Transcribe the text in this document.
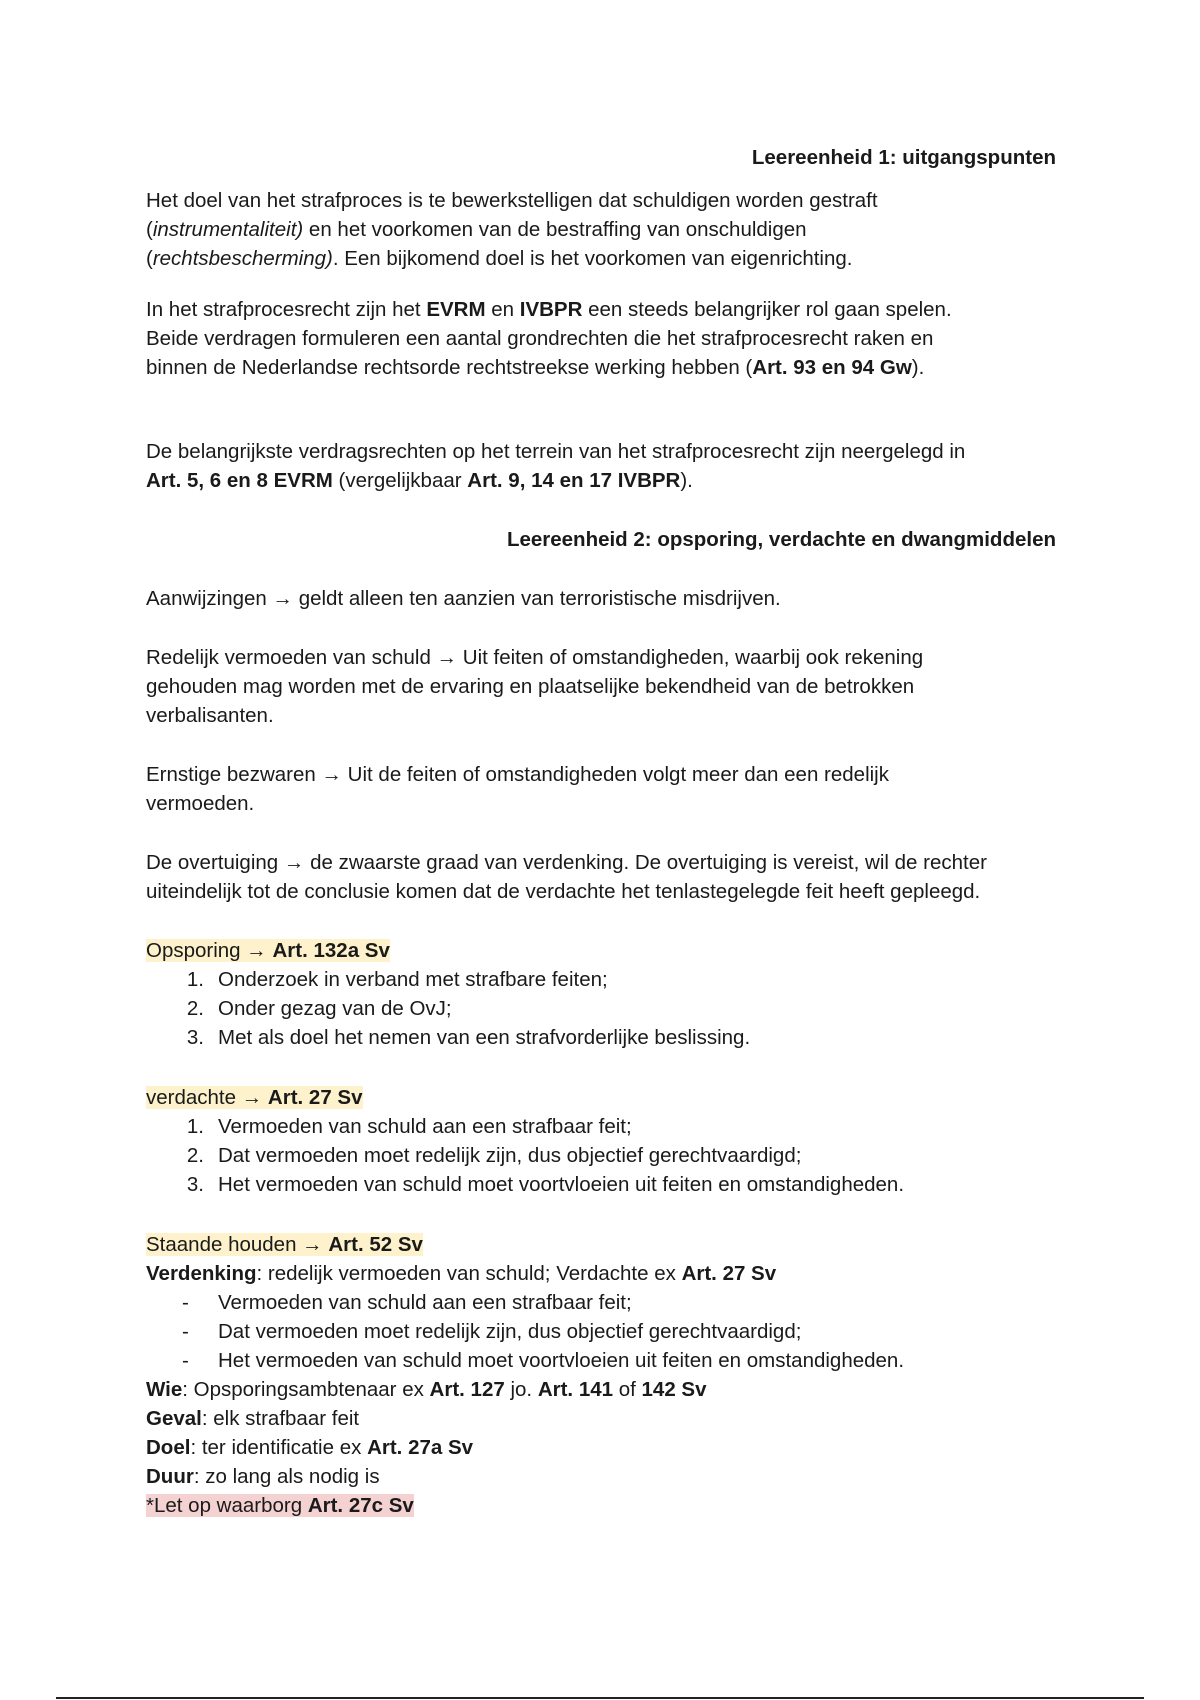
Leereenheid 1: uitgangspunten
Het doel van het strafproces is te bewerkstelligen dat schuldigen worden gestraft
(instrumentaliteit) en het voorkomen van de bestraffing van onschuldigen
(rechtsbescherming). Een bijkomend doel is het voorkomen van eigenrichting.
In het strafprocesrecht zijn het EVRM en IVBPR een steeds belangrijker rol gaan spelen.
Beide verdragen formuleren een aantal grondrechten die het strafprocesrecht raken en
binnen de Nederlandse rechtsorde rechtstreekse werking hebben (Art. 93 en 94 Gw).
De belangrijkste verdragsrechten op het terrein van het strafprocesrecht zijn neergelegd in
Art. 5, 6 en 8 EVRM (vergelijkbaar Art. 9, 14 en 17 IVBPR).
Leereenheid 2: opsporing, verdachte en dwangmiddelen
Aanwijzingen → geldt alleen ten aanzien van terroristische misdrijven.
Redelijk vermoeden van schuld → Uit feiten of omstandigheden, waarbij ook rekening
gehouden mag worden met de ervaring en plaatselijke bekendheid van de betrokken
verbalisanten.
Ernstige bezwaren → Uit de feiten of omstandigheden volgt meer dan een redelijk
vermoeden.
De overtuiging → de zwaarste graad van verdenking. De overtuiging is vereist, wil de rechter
uiteindelijk tot de conclusie komen dat de verdachte het tenlastegelegde feit heeft gepleegd.
Opsporing → Art. 132a Sv
1. Onderzoek in verband met strafbare feiten;
2. Onder gezag van de OvJ;
3. Met als doel het nemen van een strafvorderlijke beslissing.
verdachte → Art. 27 Sv
1. Vermoeden van schuld aan een strafbaar feit;
2. Dat vermoeden moet redelijk zijn, dus objectief gerechtvaardigd;
3. Het vermoeden van schuld moet voortvloeien uit feiten en omstandigheden.
Staande houden → Art. 52 Sv
Verdenking: redelijk vermoeden van schuld; Verdachte ex Art. 27 Sv
- Vermoeden van schuld aan een strafbaar feit;
- Dat vermoeden moet redelijk zijn, dus objectief gerechtvaardigd;
- Het vermoeden van schuld moet voortvloeien uit feiten en omstandigheden.
Wie: Opsporingsambtenaar ex Art. 127 jo. Art. 141 of 142 Sv
Geval: elk strafbaar feit
Doel: ter identificatie ex Art. 27a Sv
Duur: zo lang als nodig is
*Let op waarborg Art. 27c Sv
